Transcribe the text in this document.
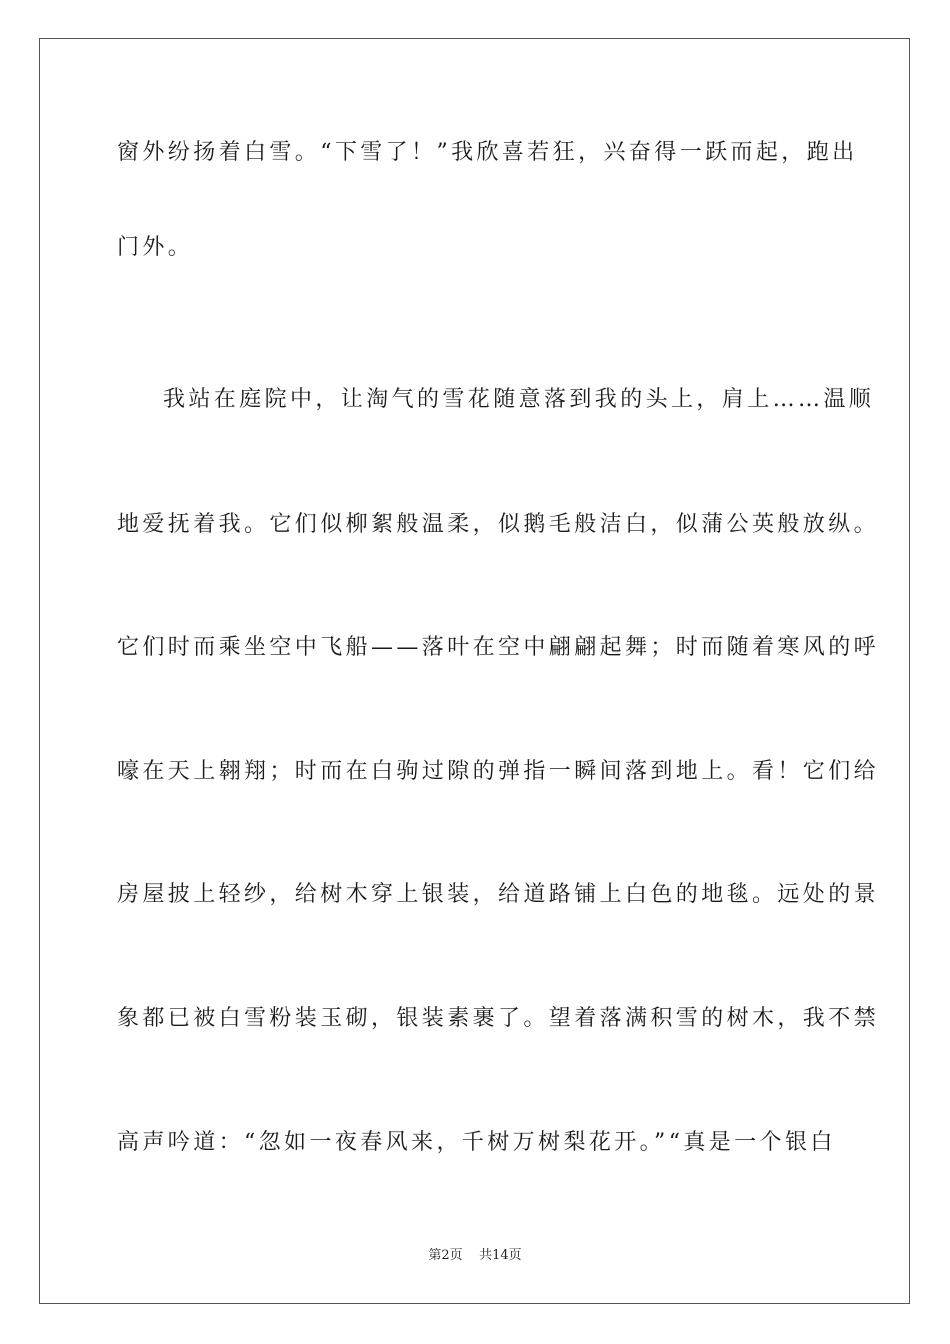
窗外纷扬着白雪。“下雪了！”我欣喜若狂，兴奋得一跃而起，跑出
门外。
我站在庭院中，让淘气的雪花随意落到我的头上，肩上……温顺
地爱抚着我。它们似柳絮般温柔，似鹅毛般洁白，似蒲公英般放纵。
它们时而乘坐空中飞船——落叶在空中翩翩起舞；时而随着寒风的呼
嚎在天上翱翔；时而在白驹过隙的弹指一瞬间落到地上。看！它们给
房屋披上轻纱，给树木穿上银装，给道路铺上白色的地毯。远处的景
象都已被白雪粉装玉砌，银装素裹了。望着落满积雪的树木，我不禁
高声吟道：“忽如一夜春风来，千树万树梨花开。”“真是一个银白
第2页 共14页
